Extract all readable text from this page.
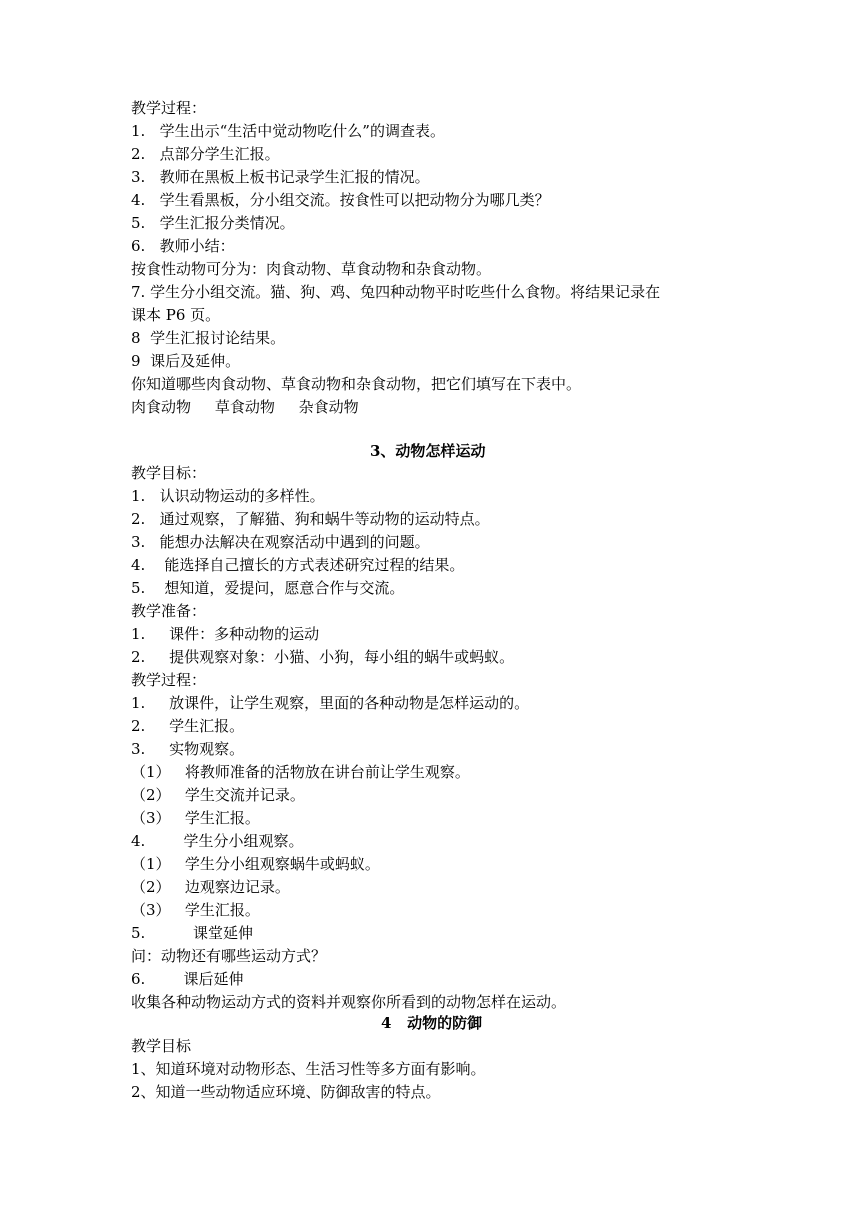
教学过程：
1.   学生出示“生活中觉动物吃什么”的调查表。
2.   点部分学生汇报。
3.   教师在黑板上板书记录学生汇报的情况。
4.   学生看黑板，分小组交流。按食性可以把动物分为哪几类？
5.   学生汇报分类情况。
6.   教师小结：
按食性动物可分为：肉食动物、草食动物和杂食动物。
7. 学生分小组交流。猫、狗、鸡、兔四种动物平时吃些什么食物。将结果记录在
课本 P6 页。
8  学生汇报讨论结果。
9  课后及延伸。
你知道哪些肉食动物、草食动物和杂食动物，把它们填写在下表中。
肉食动物     草食动物     杂食动物
3、动物怎样运动
教学目标：
1.   认识动物运动的多样性。
2.   通过观察，了解猫、狗和蜗牛等动物的运动特点。
3.   能想办法解决在观察活动中遇到的问题。
4.    能选择自己擅长的方式表述研究过程的结果。
5.    想知道，爱提问，愿意合作与交流。
教学准备：
1.     课件：多种动物的运动
2.     提供观察对象：小猫、小狗，每小组的蜗牛或蚂蚁。
教学过程：
1.     放课件，让学生观察，里面的各种动物是怎样运动的。
2.     学生汇报。
3.     实物观察。
（1）   将教师准备的活物放在讲台前让学生观察。
（2）   学生交流并记录。
（3）   学生汇报。
4.        学生分小组观察。
（1）   学生分小组观察蜗牛或蚂蚁。
（2）   边观察边记录。
（3）   学生汇报。
5.          课堂延伸
问：动物还有哪些运动方式？
6.        课后延伸
收集各种动物运动方式的资料并观察你所看到的动物怎样在运动。
4   动物的防御
教学目标
1、知道环境对动物形态、生活习性等多方面有影响。
2、知道一些动物适应环境、防御敌害的特点。
